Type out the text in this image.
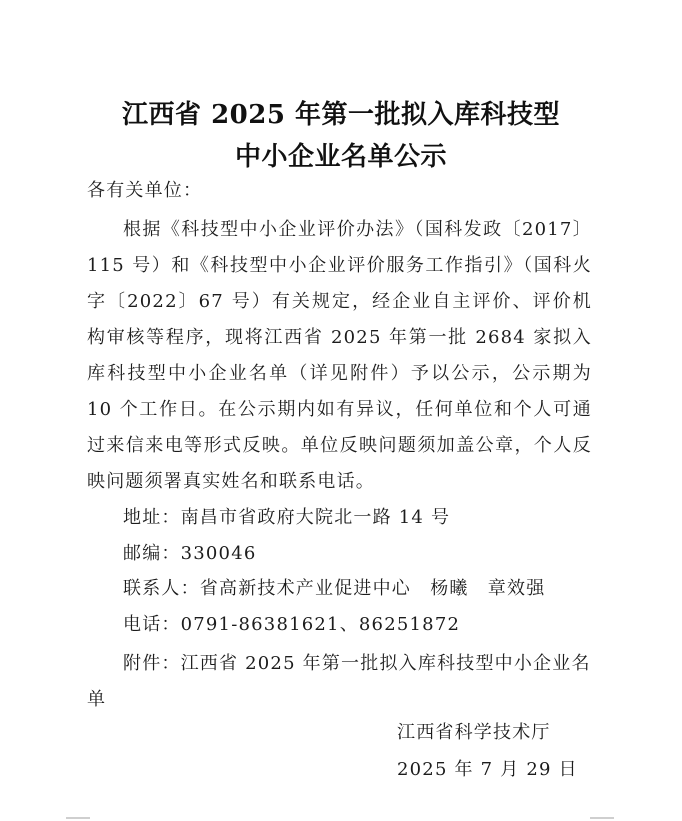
江西省 2025 年第一批拟入库科技型
中小企业名单公示
各有关单位：
根据《科技型中小企业评价办法》（国科发政〔2017〕115 号）和《科技型中小企业评价服务工作指引》（国科火字〔2022〕67 号）有关规定，经企业自主评价、评价机构审核等程序，现将江西省 2025 年第一批 2684 家拟入库科技型中小企业名单（详见附件）予以公示，公示期为 10 个工作日。在公示期内如有异议，任何单位和个人可通过来信来电等形式反映。单位反映问题须加盖公章，个人反映问题须署真实姓名和联系电话。
地址：南昌市省政府大院北一路 14 号
邮编：330046
联系人：省高新技术产业促进中心　杨曦　章效强
电话：0791-86381621、86251872
附件：江西省 2025 年第一批拟入库科技型中小企业名单
江西省科学技术厅
2025 年 7 月 29 日
